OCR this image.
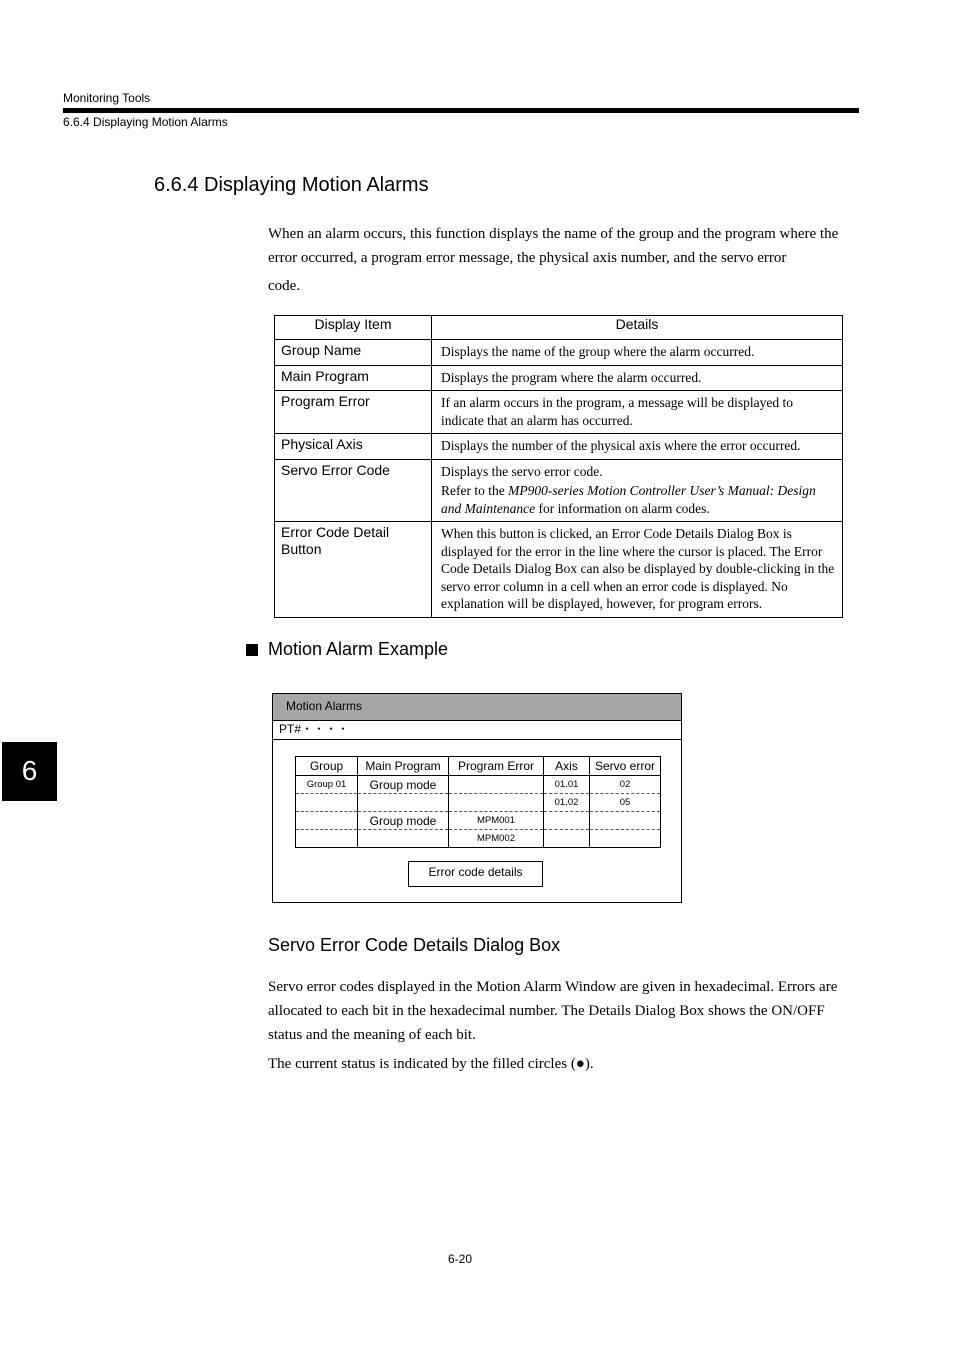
Monitoring Tools
6.6.4 Displaying Motion Alarms
6.6.4 Displaying Motion Alarms
When an alarm occurs, this function displays the name of the group and the program where the error occurred, a program error message, the physical axis number, and the servo error
code.
Display Item	Details
Group Name	Displays the name of the group where the alarm occurred.
Main Program	Displays the program where the alarm occurred.
Program Error	If an alarm occurs in the program, a message will be displayed to indicate that an alarm has occurred.
Physical Axis	Displays the number of the physical axis where the error occurred.
Servo Error Code	Displays the servo error code.

Refer to the MP900-series Motion Controller User’s Manual: Design and Maintenance for information on alarm codes.

Error Code Detail Button	When this button is clicked, an Error Code Details Dialog Box is displayed for the error in the line where the cursor is placed. The Error Code Details Dialog Box can also be displayed by double-clicking in the servo error column in a cell when an error code is displayed. No explanation will be displayed, however, for program errors.
Motion Alarm Example
Motion Alarms
PT#・・・・
Group	Main Program	Program Error	Axis	Servo error
Group 01	Group mode		01.01	02
			01.02	05
	Group mode	MPM001		
		MPM002		
Error code details
Servo Error Code Details Dialog Box
Servo error codes displayed in the Motion Alarm Window are given in hexadecimal. Errors are allocated to each bit in the hexadecimal number. The Details Dialog Box shows the ON/OFF status and the meaning of each bit.
The current status is indicated by the filled circles (●).
6
6-20
